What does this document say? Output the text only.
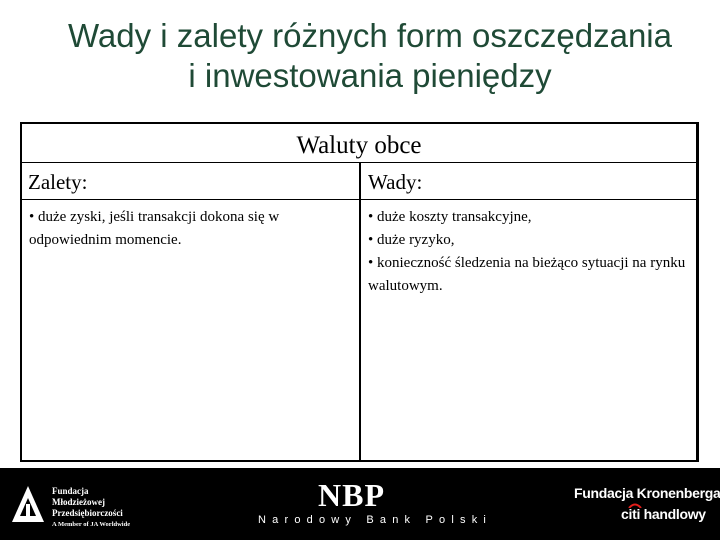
Wady i zalety różnych form oszczędzania
i inwestowania pieniędzy
Waluty obce
Zalety:	Wady:
• duże zyski, jeśli transakcji dokona się w odpowiednim momencie.
• duże koszty transakcyjne,
• duże ryzyko,
• konieczność śledzenia na bieżąco sytuacji na rynku walutowym.
Fundacja
Młodzieżowej
Przedsiębiorczości
A Member of JA Worldwide
NBP
Narodowy Bank Polski
Fundacja Kronenberga
citi handlowy
